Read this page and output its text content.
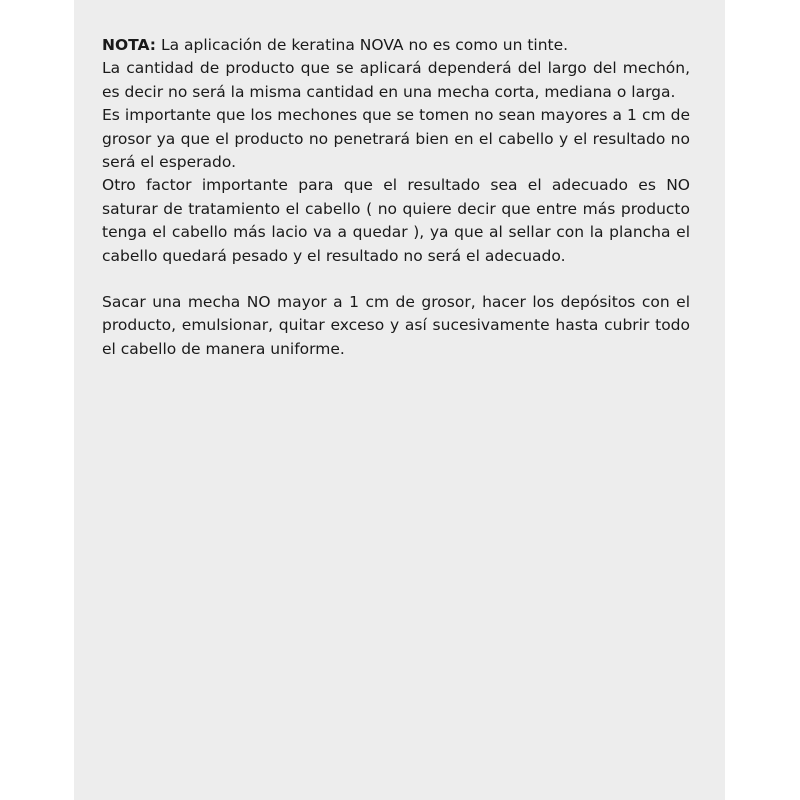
NOTA: La aplicación de keratina NOVA no es como un tinte.

La cantidad de producto que se aplicará dependerá del largo del mechón, es decir no será la misma cantidad en una mecha corta, mediana o larga.

Es importante que los mechones que se tomen no sean mayores a 1 cm de grosor ya que el producto no penetrará bien en el cabello y el resultado no será el esperado.

Otro factor importante para que el resultado sea el adecuado es NO saturar de tratamiento el cabello ( no quiere decir que entre más producto tenga el cabello más lacio va a quedar ), ya que al sellar con la plancha el cabello quedará pesado y el resultado no será el adecuado.

Sacar una mecha NO mayor a 1 cm de grosor, hacer los depósitos con el producto, emulsionar, quitar exceso y así sucesivamente hasta cubrir todo el cabello de manera uniforme.
